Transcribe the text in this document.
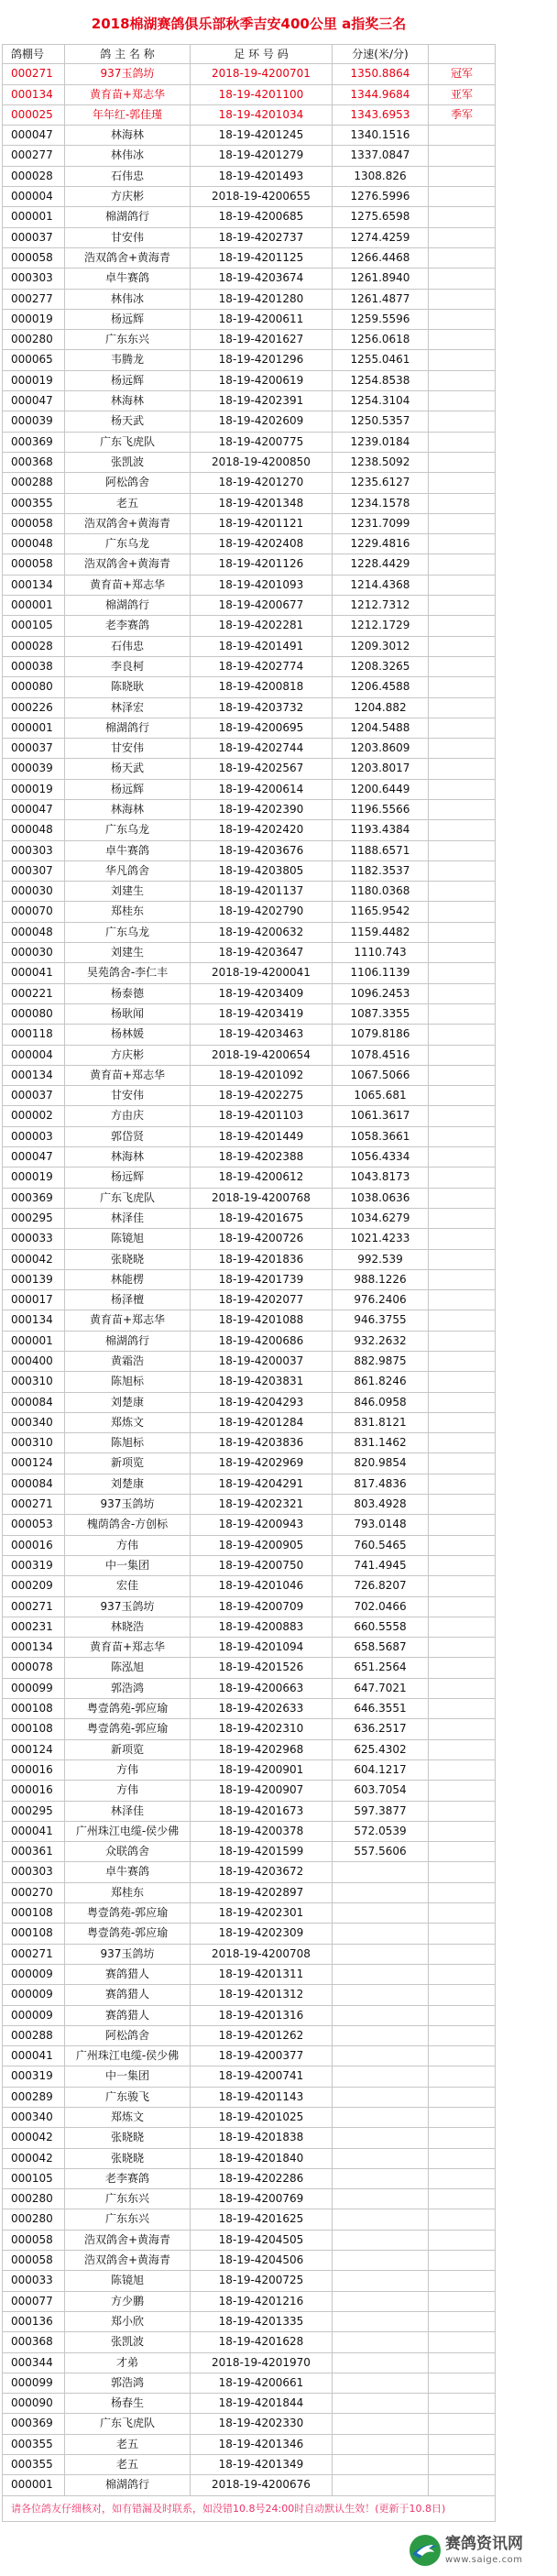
2018棉湖赛鸽俱乐部秋季吉安400公里 a指奖三名
鸽棚号	鸽 主 名 称	足 环 号 码	分速(米/分)
000271	937玉鸽坊	2018-19-4200701	1350.8864	冠军
000134	黄育苗+郑志华	18-19-4201100	1344.9684	亚军
000025	年年红-郭佳瑾	18-19-4201034	1343.6953	季军
000047	林海林	18-19-4201245	1340.1516
000277	林伟冰	18-19-4201279	1337.0847
000028	石伟忠	18-19-4201493	1308.826
000004	方庆彬	2018-19-4200655	1276.5996
000001	棉湖鸽行	18-19-4200685	1275.6598
000037	甘安伟	18-19-4202737	1274.4259
000058	浩双鸽舍+黄海青	18-19-4201125	1266.4468
000303	卓牛赛鸽	18-19-4203674	1261.8940
000277	林伟冰	18-19-4201280	1261.4877
000019	杨远辉	18-19-4200611	1259.5596
000280	广东东兴	18-19-4201627	1256.0618
000065	韦腾龙	18-19-4201296	1255.0461
000019	杨远辉	18-19-4200619	1254.8538
000047	林海林	18-19-4202391	1254.3104
000039	杨天武	18-19-4202609	1250.5357
000369	广东飞虎队	18-19-4200775	1239.0184
000368	张凯波	2018-19-4200850	1238.5092
000288	阿松鸽舍	18-19-4201270	1235.6127
000355	老五	18-19-4201348	1234.1578
000058	浩双鸽舍+黄海青	18-19-4201121	1231.7099
000048	广东乌龙	18-19-4202408	1229.4816
000058	浩双鸽舍+黄海青	18-19-4201126	1228.4429
000134	黄育苗+郑志华	18-19-4201093	1214.4368
000001	棉湖鸽行	18-19-4200677	1212.7312
000105	老李赛鸽	18-19-4202281	1212.1729
000028	石伟忠	18-19-4201491	1209.3012
000038	李良柯	18-19-4202774	1208.3265
000080	陈晓耿	18-19-4200818	1206.4588
000226	林泽宏	18-19-4203732	1204.882
000001	棉湖鸽行	18-19-4200695	1204.5488
000037	甘安伟	18-19-4202744	1203.8609
000039	杨天武	18-19-4202567	1203.8017
000019	杨远辉	18-19-4200614	1200.6449
000047	林海林	18-19-4202390	1196.5566
000048	广东乌龙	18-19-4202420	1193.4384
000303	卓牛赛鸽	18-19-4203676	1188.6571
000307	华凡鸽舍	18-19-4203805	1182.3537
000030	刘建生	18-19-4201137	1180.0368
000070	郑桂东	18-19-4202790	1165.9542
000048	广东乌龙	18-19-4200632	1159.4482
000030	刘建生	18-19-4203647	1110.743
000041	昊苑鸽舍-李仁丰	2018-19-4200041	1106.1139
000221	杨泰德	18-19-4203409	1096.2453
000080	杨耿闻	18-19-4203419	1087.3355
000118	杨林媛	18-19-4203463	1079.8186
000004	方庆彬	2018-19-4200654	1078.4516
000134	黄育苗+郑志华	18-19-4201092	1067.5066
000037	甘安伟	18-19-4202275	1065.681
000002	方由庆	18-19-4201103	1061.3617
000003	郭岱贤	18-19-4201449	1058.3661
000047	林海林	18-19-4202388	1056.4334
000019	杨远辉	18-19-4200612	1043.8173
000369	广东飞虎队	2018-19-4200768	1038.0636
000295	林泽佳	18-19-4201675	1034.6279
000033	陈镜旭	18-19-4200726	1021.4233
000042	张晓晓	18-19-4201836	992.539
000139	林能楞	18-19-4201739	988.1226
000017	杨泽檀	18-19-4202077	976.2406
000134	黄育苗+郑志华	18-19-4201088	946.3755
000001	棉湖鸽行	18-19-4200686	932.2632
000400	黄霜浩	18-19-4200037	882.9875
000310	陈旭标	18-19-4203831	861.8246
000084	刘楚康	18-19-4204293	846.0958
000340	郑炼文	18-19-4201284	831.8121
000310	陈旭标	18-19-4203836	831.1462
000124	新项览	18-19-4202969	820.9854
000084	刘楚康	18-19-4204291	817.4836
000271	937玉鸽坊	18-19-4202321	803.4928
000053	槐荫鸽舍-方创标	18-19-4200943	793.0148
000016	方伟	18-19-4200905	760.5465
000319	中一集团	18-19-4200750	741.4945
000209	宏佳	18-19-4201046	726.8207
000271	937玉鸽坊	18-19-4200709	702.0466
000231	林晓浩	18-19-4200883	660.5558
000134	黄育苗+郑志华	18-19-4201094	658.5687
000078	陈泓旭	18-19-4201526	651.2564
000099	郭浩鸿	18-19-4200663	647.7021
000108	粤壹鸽苑-郭应瑜	18-19-4202633	646.3551
000108	粤壹鸽苑-郭应瑜	18-19-4202310	636.2517
000124	新项览	18-19-4202968	625.4302
000016	方伟	18-19-4200901	604.1217
000016	方伟	18-19-4200907	603.7054
000295	林泽佳	18-19-4201673	597.3877
000041	广州珠江电缆-侯少佛	18-19-4200378	572.0539
000361	众联鸽舍	18-19-4201599	557.5606
000303	卓牛赛鸽	18-19-4203672
000270	郑桂东	18-19-4202897
000108	粤壹鸽苑-郭应瑜	18-19-4202301
000108	粤壹鸽苑-郭应瑜	18-19-4202309
000271	937玉鸽坊	2018-19-4200708
000009	赛鸽猎人	18-19-4201311
000009	赛鸽猎人	18-19-4201312
000009	赛鸽猎人	18-19-4201316
000288	阿松鸽舍	18-19-4201262
000041	广州珠江电缆-侯少佛	18-19-4200377
000319	中一集团	18-19-4200741
000289	广东骏飞	18-19-4201143
000340	郑炼文	18-19-4201025
000042	张晓晓	18-19-4201838
000042	张晓晓	18-19-4201840
000105	老李赛鸽	18-19-4202286
000280	广东东兴	18-19-4200769
000280	广东东兴	18-19-4201625
000058	浩双鸽舍+黄海青	18-19-4204505
000058	浩双鸽舍+黄海青	18-19-4204506
000033	陈镜旭	18-19-4200725
000077	方少鹏	18-19-4201216
000136	郑小欣	18-19-4201335
000368	张凯波	18-19-4201628
000344	才弟	2018-19-4201970
000099	郭浩鸿	18-19-4200661
000090	杨春生	18-19-4201844
000369	广东飞虎队	18-19-4202330
000355	老五	18-19-4201346
000355	老五	18-19-4201349
000001	棉湖鸽行	2018-19-4200676
请各位鸽友仔细核对，如有错漏及时联系，如没错10.8号24:00时自动默认生效！(更新于10.8日)
赛鸽资讯网
www.saige.com
